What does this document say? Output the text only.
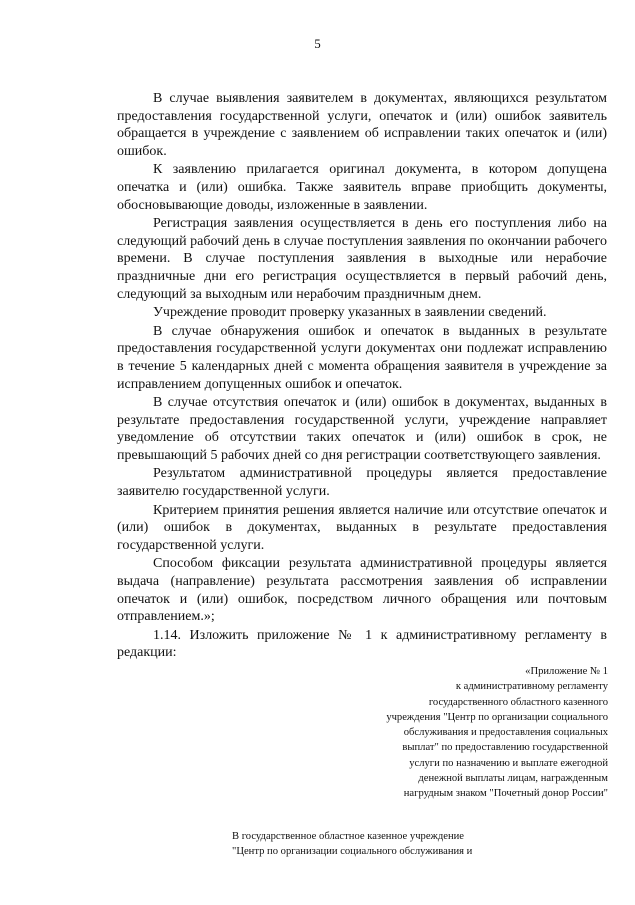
5

В случае выявления заявителем в документах, являющихся результатом предоставления государственной услуги, опечаток и (или) ошибок заявитель обращается в учреждение с заявлением об исправлении таких опечаток и (или) ошибок.

К заявлению прилагается оригинал документа, в котором допущена опечатка и (или) ошибка. Также заявитель вправе приобщить документы, обосновывающие доводы, изложенные в заявлении.

Регистрация заявления осуществляется в день его поступления либо на следующий рабочий день в случае поступления заявления по окончании рабочего времени. В случае поступления заявления в выходные или нерабочие праздничные дни его регистрация осуществляется в первый рабочий день, следующий за выходным или нерабочим праздничным днем.

Учреждение проводит проверку указанных в заявлении сведений.

В случае обнаружения ошибок и опечаток в выданных в результате предоставления государственной услуги документах они подлежат исправлению в течение 5 календарных дней с момента обращения заявителя в учреждение за исправлением допущенных ошибок и опечаток.

В случае отсутствия опечаток и (или) ошибок в документах, выданных в результате предоставления государственной услуги, учреждение направляет уведомление об отсутствии таких опечаток и (или) ошибок в срок, не превышающий 5 рабочих дней со дня регистрации соответствующего заявления.

Результатом административной процедуры является предоставление заявителю государственной услуги.

Критерием принятия решения является наличие или отсутствие опечаток и (или) ошибок в документах, выданных в результате предоставления государственной услуги.

Способом фиксации результата административной процедуры является выдача (направление) результата рассмотрения заявления об исправлении опечаток и (или) ошибок, посредством личного обращения или почтовым отправлением.»;

1.14. Изложить приложение № 1 к административному регламенту в редакции:

«Приложение № 1
к административному регламенту
государственного областного казенного
учреждения "Центр по организации социального
обслуживания и предоставления социальных
выплат" по предоставлению государственной
услуги по назначению и выплате ежегодной
денежной выплаты лицам, награжденным
нагрудным знаком "Почетный донор России"
В государственное областное казенное учреждение
"Центр по организации социального обслуживания и
